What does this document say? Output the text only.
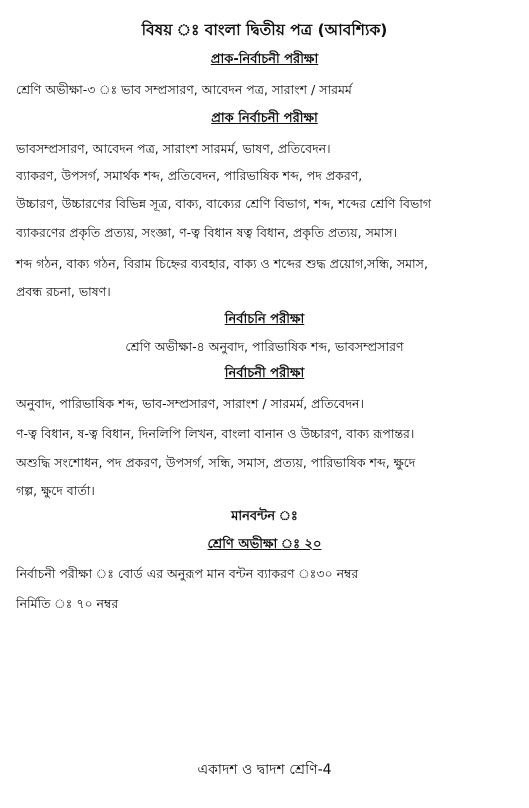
বিষয় ঃ বাংলা দ্বিতীয় পত্র (আবশ্যিক)
প্রাক-নির্বাচনী পরীক্ষা
শ্রেণি অভীক্ষা-৩ ঃ ভাব সম্প্রসারণ, আবেদন পত্র, সারাংশ / সারমর্ম
প্রাক নির্বাচনী পরীক্ষা
ভাবসম্প্রসারণ, আবেদন পত্র, সারাংশ সারমর্ম, ভাষণ, প্রতিবেদন।
ব্যাকরণ, উপসর্গ, সমার্থক শব্দ, প্রতিবেদন, পারিভাষিক শব্দ, পদ প্রকরণ,
উচ্চারণ, উচ্চারণের বিভিন্ন সূত্র, বাক্য, বাক্যের শ্রেণি বিভাগ, শব্দ, শব্দের শ্রেণি বিভাগ
ব্যাকরণের প্রকৃতি প্রত্যয়, সংজ্ঞা, ণ-ত্ব বিধান ষত্ব বিধান, প্রকৃতি প্রত্যয়, সমাস।
শব্দ গঠন, বাক্য গঠন, বিরাম চিহ্নের ব্যবহার, বাক্য ও শব্দের শুদ্ধ প্রয়োগ,সন্ধি, সমাস,
প্রবন্ধ রচনা, ভাষণ।
নির্বাচনি পরীক্ষা
শ্রেণি অভীক্ষা-৪ অনুবাদ, পারিভাষিক শব্দ, ভাবসম্প্রসারণ
নির্বাচনী পরীক্ষা
অনুবাদ, পারিভাষিক শব্দ, ভাব-সম্প্রসারণ, সারাংশ / সারমর্ম, প্রতিবেদন।
ণ-ত্ব বিধান, ষ-ত্ব বিধান, দিনলিপি লিখন, বাংলা বানান ও উচ্চারণ, বাক্য রূপান্তর।
অশুদ্ধি সংশোধন, পদ প্রকরণ, উপসর্গ, সন্ধি, সমাস, প্রত্যয়, পারিভাষিক শব্দ, ক্ষুদে
গল্প, ক্ষুদে বার্তা।
মানবন্টন ঃ
শ্রেণি অভীক্ষা ঃ ২০
নির্বাচনী পরীক্ষা ঃ বোর্ড এর অনুরূপ মান বন্টন ব্যাকরণ ঃ৩০ নম্বর
নির্মিতি ঃ ৭০ নম্বর
একাদশ ও দ্বাদশ শ্রেণি-4
